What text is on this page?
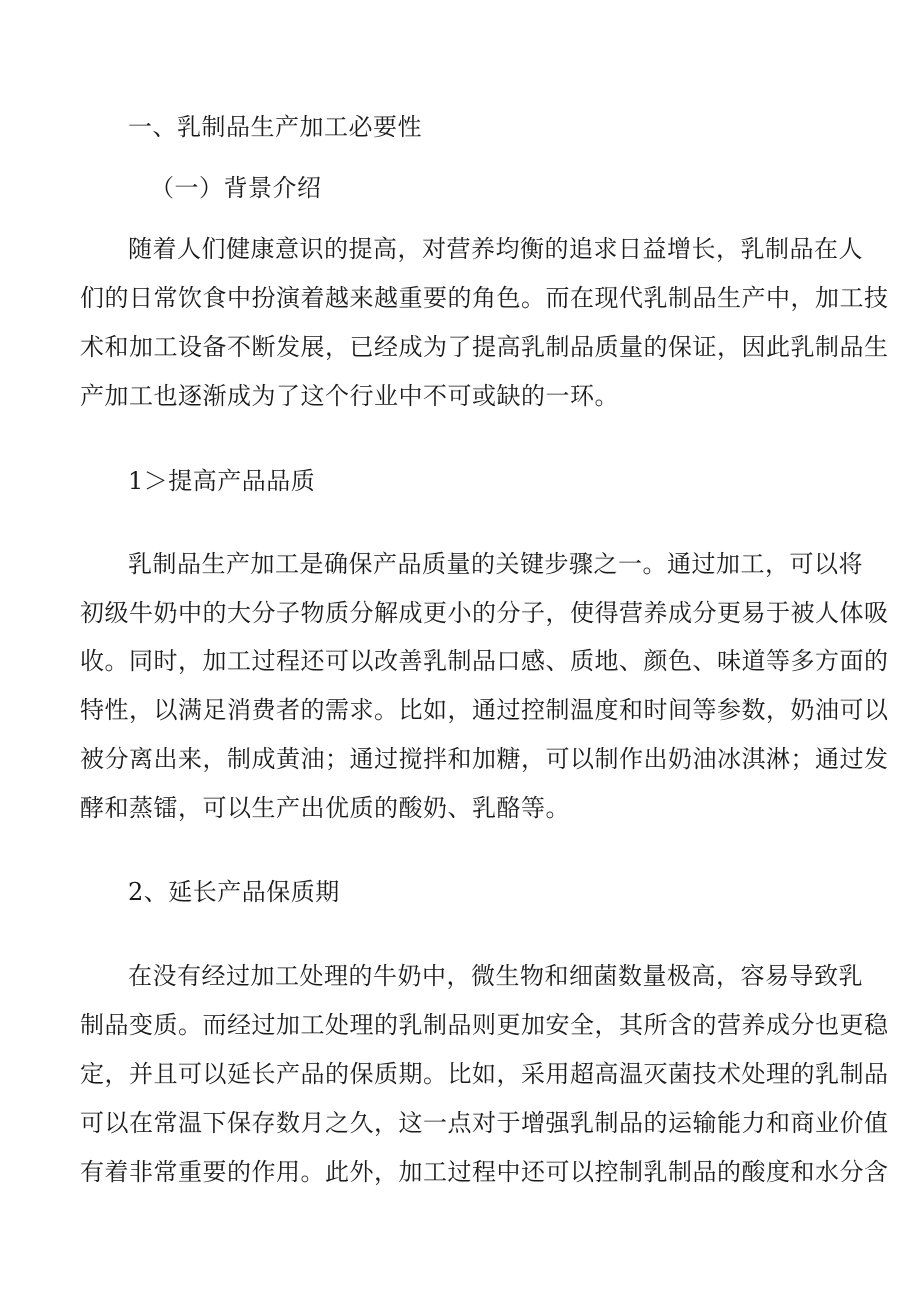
一、乳制品生产加工必要性
（一）背景介绍
随着人们健康意识的提高，对营养均衡的追求日益增长，乳制品在人
们的日常饮食中扮演着越来越重要的角色。而在现代乳制品生产中，加工技
术和加工设备不断发展，已经成为了提高乳制品质量的保证，因此乳制品生
产加工也逐渐成为了这个行业中不可或缺的一环。
1＞提高产品品质
乳制品生产加工是确保产品质量的关键步骤之一。通过加工，可以将
初级牛奶中的大分子物质分解成更小的分子，使得营养成分更易于被人体吸
收。同时，加工过程还可以改善乳制品口感、质地、颜色、味道等多方面的
特性，以满足消费者的需求。比如，通过控制温度和时间等参数，奶油可以
被分离出来，制成黄油；通过搅拌和加糖，可以制作出奶油冰淇淋；通过发
酵和蒸镭，可以生产出优质的酸奶、乳酪等。
2、延长产品保质期
在没有经过加工处理的牛奶中，微生物和细菌数量极高，容易导致乳
制品变质。而经过加工处理的乳制品则更加安全，其所含的营养成分也更稳
定，并且可以延长产品的保质期。比如，采用超高温灭菌技术处理的乳制品
可以在常温下保存数月之久，这一点对于增强乳制品的运输能力和商业价值
有着非常重要的作用。此外，加工过程中还可以控制乳制品的酸度和水分含
